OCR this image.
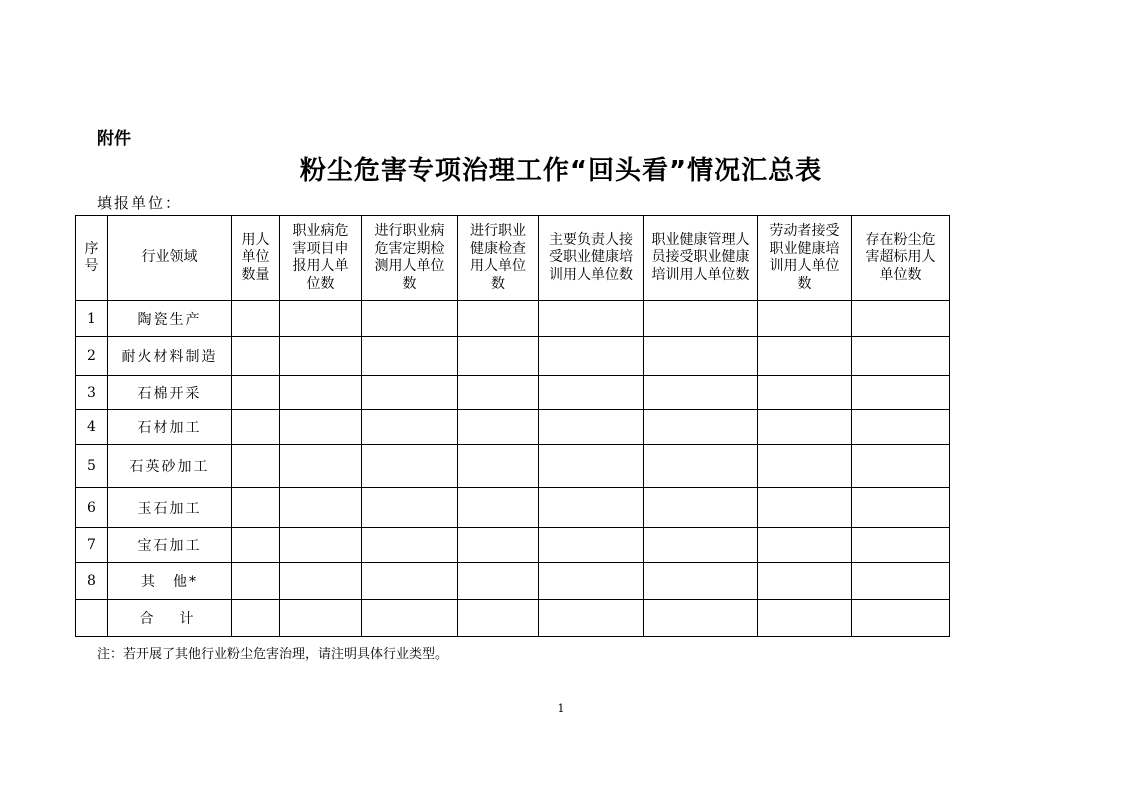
附件
粉尘危害专项治理工作“回头看”情况汇总表
填报单位：
序号	行业领域	用人单位数量	职业病危害项目申报用人单位数	进行职业病危害定期检测用人单位数	进行职业健康检查用人单位数	主要负责人接受职业健康培训用人单位数	职业健康管理人员接受职业健康培训用人单位数	劳动者接受职业健康培训用人单位数	存在粉尘危害超标用人单位数
1	陶瓷生产								
2	耐火材料制造								
3	石棉开采								
4	石材加工								
5	石英砂加工								
6	玉石加工								
7	宝石加工								
8	其　他*								
	合　计								
注：若开展了其他行业粉尘危害治理，请注明具体行业类型。
1
